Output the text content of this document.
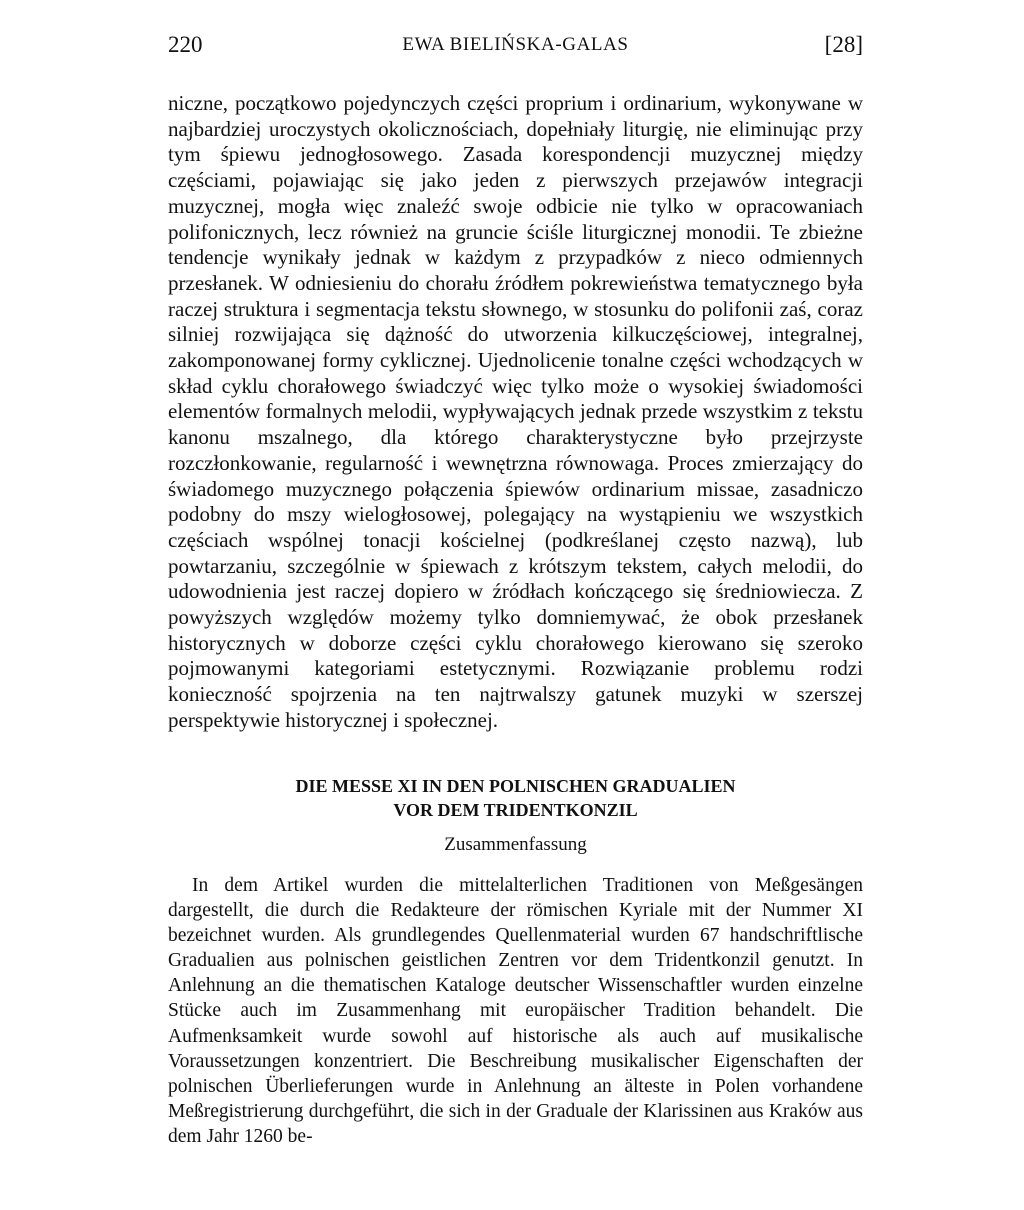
220	EWA BIELIŃSKA-GALAS	[28]

niczne, początkowo pojedynczych części proprium i ordinarium, wykonywane w najbardziej uroczystych okolicznościach, dopełniały liturgię, nie eliminując przy tym śpiewu jednogłosowego. Zasada korespondencji muzycznej między częściami, pojawiając się jako jeden z pierwszych przejawów integracji muzycznej, mogła więc znaleźć swoje odbicie nie tylko w opracowaniach polifonicznych, lecz również na gruncie ściśle liturgicznej monodii. Te zbieżne tendencje wynikały jednak w każdym z przypadków z nieco odmiennych przesłanek. W odniesieniu do chorału źródłem pokrewieństwa tematycznego była raczej struktura i segmentacja tekstu słownego, w stosunku do polifonii zaś, coraz silniej rozwijająca się dążność do utworzenia kilkuczęściowej, integralnej, zakomponowanej formy cyklicznej. Ujednolicenie tonalne części wchodzących w skład cyklu chorałowego świadczyć więc tylko może o wysokiej świadomości elementów formalnych melodii, wypływających jednak przede wszystkim z tekstu kanonu mszalnego, dla którego charakterystyczne było przejrzyste rozczłonkowanie, regularność i wewnętrzna równowaga. Proces zmierzający do świadomego muzycznego połączenia śpiewów ordinarium missae, zasadniczo podobny do mszy wielogłosowej, polegający na wystąpieniu we wszystkich częściach wspólnej tonacji kościelnej (podkreślanej często nazwą), lub powtarzaniu, szczególnie w śpiewach z krótszym tekstem, całych melodii, do udowodnienia jest raczej dopiero w źródłach kończącego się średniowiecza. Z powyższych względów możemy tylko domniemywać, że obok przesłanek historycznych w doborze części cyklu chorałowego kierowano się szeroko pojmowanymi kategoriami estetycznymi. Rozwiązanie problemu rodzi konieczność spojrzenia na ten najtrwalszy gatunek muzyki w szerszej perspektywie historycznej i społecznej.

DIE MESSE XI IN DEN POLNISCHEN GRADUALIEN
VOR DEM TRIDENTKONZIL
Zusammenfassung

In dem Artikel wurden die mittelalterlichen Traditionen von Meßgesängen dargestellt, die durch die Redakteure der römischen Kyriale mit der Nummer XI bezeichnet wurden. Als grundlegendes Quellenmaterial wurden 67 handschriftlische Gradualien aus polnischen geistlichen Zentren vor dem Tridentkonzil genutzt. In Anlehnung an die thematischen Kataloge deutscher Wissenschaftler wurden einzelne Stücke auch im Zusammenhang mit europäischer Tradition behandelt. Die Aufmenksamkeit wurde sowohl auf historische als auch auf musikalische Voraussetzungen konzentriert. Die Beschreibung musikalischer Eigenschaften der polnischen Überlieferungen wurde in Anlehnung an älteste in Polen vorhandene Meßregistrierung durchgeführt, die sich in der Graduale der Klarissinen aus Kraków aus dem Jahr 1260 be-
